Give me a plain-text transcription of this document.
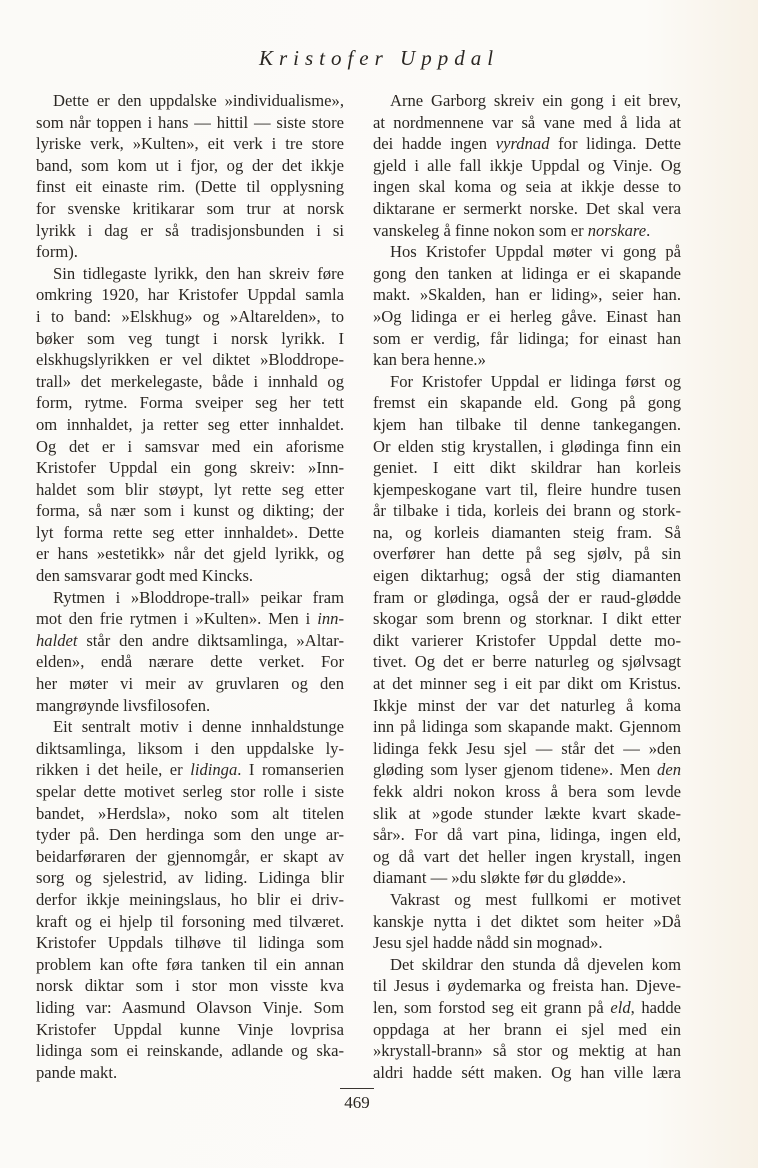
Kristofer Uppdal
Dette er den uppdalske »individualisme»,
som når toppen i hans — hittil — siste store
lyriske verk, »Kulten», eit verk i tre store
band, som kom ut i fjor, og der det ikkje
finst eit einaste rim. (Dette til opplysning
for svenske kritikarar som trur at norsk
lyrikk i dag er så tradisjonsbunden i si
form).
Sin tidlegaste lyrikk, den han skreiv føre
omkring 1920, har Kristofer Uppdal samla
i to band: »Elskhug» og »Altarelden», to
bøker som veg tungt i norsk lyrikk. I
elskhugslyrikken er vel diktet »Bloddrope-
trall» det merkelegaste, både i innhald og
form, rytme. Forma sveiper seg her tett
om innhaldet, ja retter seg etter innhaldet.
Og det er i samsvar med ein aforisme
Kristofer Uppdal ein gong skreiv: »Inn-
haldet som blir støypt, lyt rette seg etter
forma, så nær som i kunst og dikting; der
lyt forma rette seg etter innhaldet». Dette
er hans »estetikk» når det gjeld lyrikk, og
den samsvarar godt med Kincks.
Rytmen i »Bloddrope-trall» peikar fram
mot den frie rytmen i »Kulten». Men i inn-
haldet står den andre diktsamlinga, »Altar-
elden», endå nærare dette verket. For
her møter vi meir av gruvlaren og den
mangrøynde livsfilosofen.
Eit sentralt motiv i denne innhaldstunge
diktsamlinga, liksom i den uppdalske ly-
rikken i det heile, er lidinga. I romanserien
spelar dette motivet serleg stor rolle i siste
bandet, »Herdsla», noko som alt titelen
tyder på. Den herdinga som den unge ar-
beidarføraren der gjennomgår, er skapt av
sorg og sjelestrid, av liding. Lidinga blir
derfor ikkje meiningslaus, ho blir ei driv-
kraft og ei hjelp til forsoning med tilværet.
Kristofer Uppdals tilhøve til lidinga som
problem kan ofte føra tanken til ein annan
norsk diktar som i stor mon visste kva
liding var: Aasmund Olavson Vinje. Som
Kristofer Uppdal kunne Vinje lovprisa
lidinga som ei reinskande, adlande og ska-
pande makt.
Arne Garborg skreiv ein gong i eit brev,
at nordmennene var så vane med å lida at
dei hadde ingen vyrdnad for lidinga. Dette
gjeld i alle fall ikkje Uppdal og Vinje. Og
ingen skal koma og seia at ikkje desse to
diktarane er sermerkt norske. Det skal vera
vanskeleg å finne nokon som er norskare.
Hos Kristofer Uppdal møter vi gong på
gong den tanken at lidinga er ei skapande
makt. »Skalden, han er liding», seier han.
»Og lidinga er ei herleg gåve. Einast han
som er verdig, får lidinga; for einast han
kan bera henne.»
For Kristofer Uppdal er lidinga først og
fremst ein skapande eld. Gong på gong
kjem han tilbake til denne tankegangen.
Or elden stig krystallen, i glødinga finn ein
geniet. I eitt dikt skildrar han korleis
kjempeskogane vart til, fleire hundre tusen
år tilbake i tida, korleis dei brann og stork-
na, og korleis diamanten steig fram. Så
overfører han dette på seg sjølv, på sin
eigen diktarhug; også der stig diamanten
fram or glødinga, også der er raud-glødde
skogar som brenn og storknar. I dikt etter
dikt varierer Kristofer Uppdal dette mo-
tivet. Og det er berre naturleg og sjølvsagt
at det minner seg i eit par dikt om Kristus.
Ikkje minst der var det naturleg å koma
inn på lidinga som skapande makt. Gjennom
lidinga fekk Jesu sjel — står det — »den
gløding som lyser gjenom tidene». Men den
fekk aldri nokon kross å bera som levde
slik at »gode stunder lækte kvart skade-
sår». For då vart pina, lidinga, ingen eld,
og då vart det heller ingen krystall, ingen
diamant — »du sløkte før du glødde».
Vakrast og mest fullkomi er motivet
kanskje nytta i det diktet som heiter »Då
Jesu sjel hadde nådd sin mognad».
Det skildrar den stunda då djevelen kom
til Jesus i øydemarka og freista han. Djeve-
len, som forstod seg eit grann på eld, hadde
oppdaga at her brann ei sjel med ein
»krystall-brann» så stor og mektig at han
aldri hadde sétt maken. Og han ville læra
469
